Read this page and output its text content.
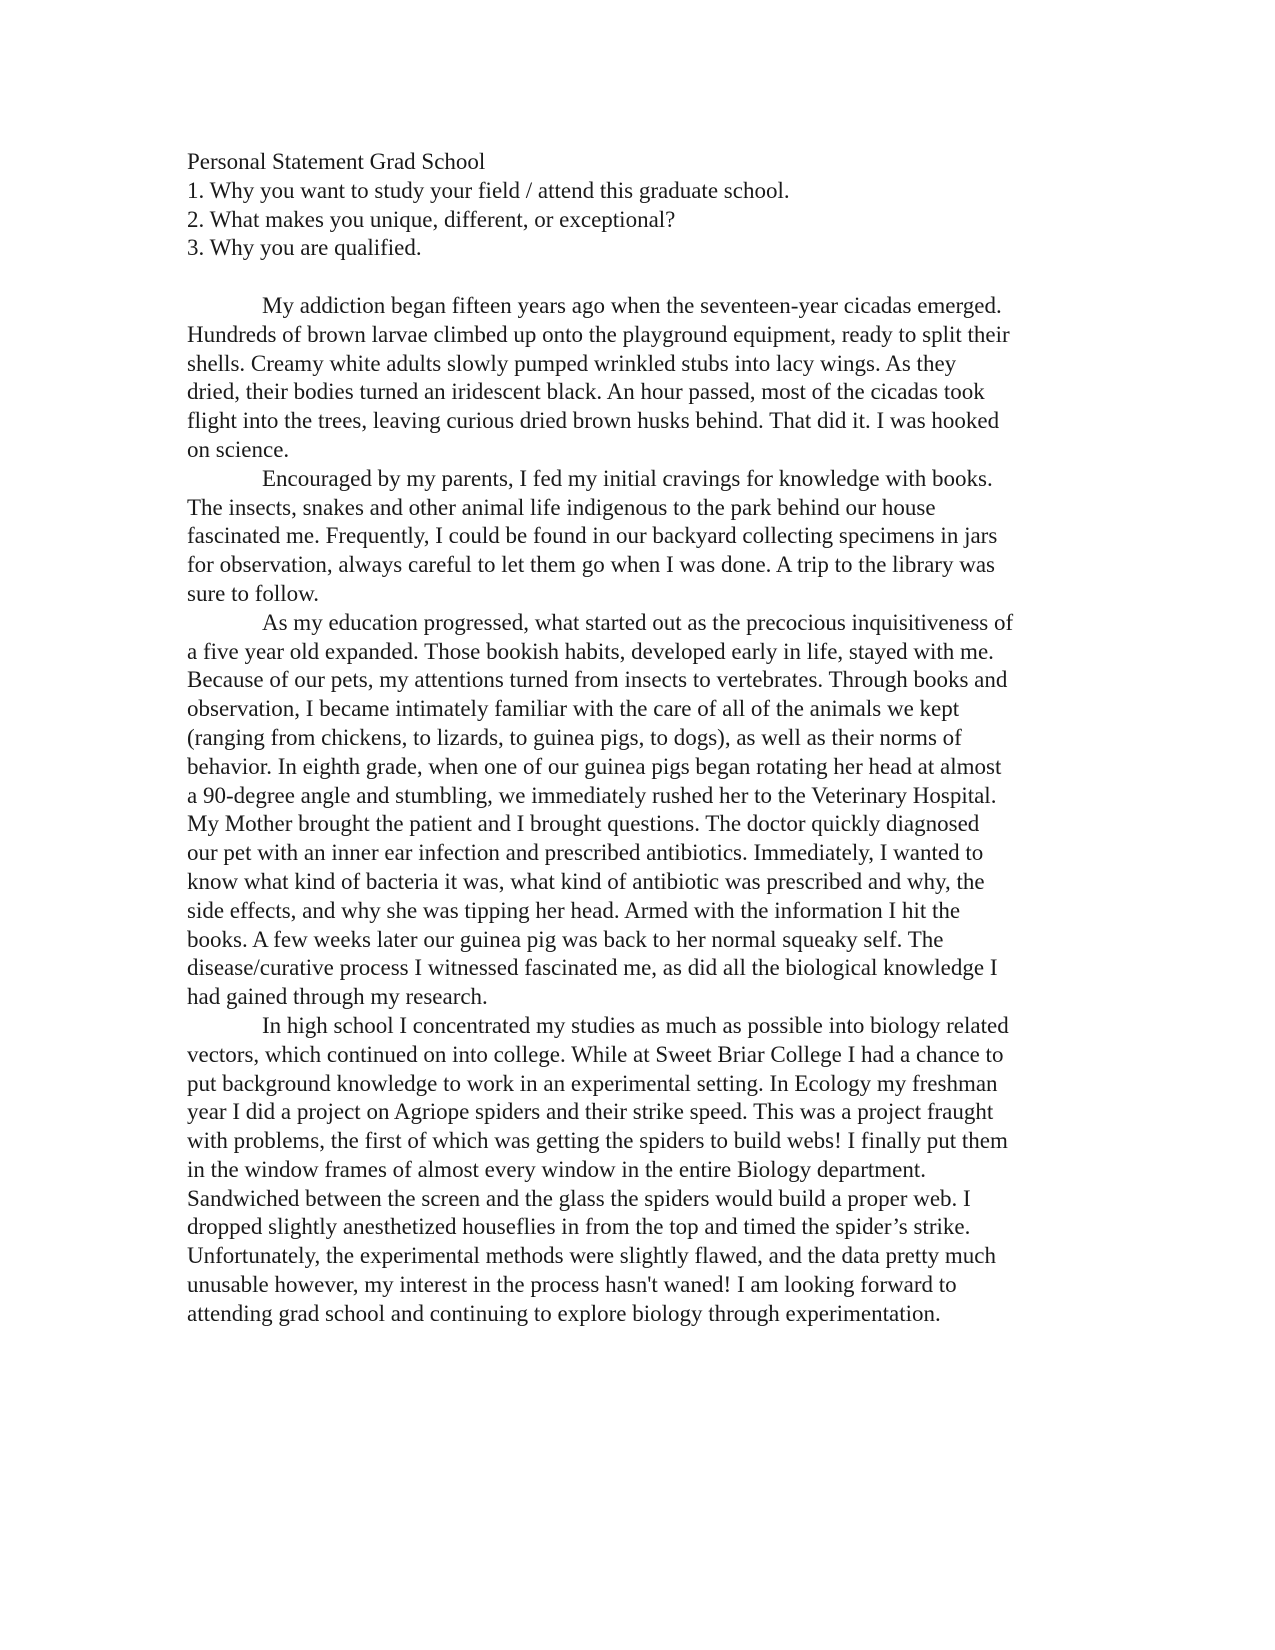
Personal Statement Grad School
1. Why you want to study your field / attend this graduate school.
2. What makes you unique, different, or exceptional?
3. Why you are qualified.
My addiction began fifteen years ago when the seventeen-year cicadas emerged.
Hundreds of brown larvae climbed up onto the playground equipment, ready to split their
shells. Creamy white adults slowly pumped wrinkled stubs into lacy wings. As they
dried, their bodies turned an iridescent black. An hour passed, most of the cicadas took
flight into the trees, leaving curious dried brown husks behind. That did it. I was hooked
on science.
Encouraged by my parents, I fed my initial cravings for knowledge with books.
The insects, snakes and other animal life indigenous to the park behind our house
fascinated me. Frequently, I could be found in our backyard collecting specimens in jars
for observation, always careful to let them go when I was done. A trip to the library was
sure to follow.
As my education progressed, what started out as the precocious inquisitiveness of
a five year old expanded. Those bookish habits, developed early in life, stayed with me.
Because of our pets, my attentions turned from insects to vertebrates. Through books and
observation, I became intimately familiar with the care of all of the animals we kept
(ranging from chickens, to lizards, to guinea pigs, to dogs), as well as their norms of
behavior. In eighth grade, when one of our guinea pigs began rotating her head at almost
a 90-degree angle and stumbling, we immediately rushed her to the Veterinary Hospital.
My Mother brought the patient and I brought questions. The doctor quickly diagnosed
our pet with an inner ear infection and prescribed antibiotics. Immediately, I wanted to
know what kind of bacteria it was, what kind of antibiotic was prescribed and why, the
side effects, and why she was tipping her head. Armed with the information I hit the
books. A few weeks later our guinea pig was back to her normal squeaky self. The
disease/curative process I witnessed fascinated me, as did all the biological knowledge I
had gained through my research.
In high school I concentrated my studies as much as possible into biology related
vectors, which continued on into college. While at Sweet Briar College I had a chance to
put background knowledge to work in an experimental setting. In Ecology my freshman
year I did a project on Agriope spiders and their strike speed. This was a project fraught
with problems, the first of which was getting the spiders to build webs! I finally put them
in the window frames of almost every window in the entire Biology department.
Sandwiched between the screen and the glass the spiders would build a proper web. I
dropped slightly anesthetized houseflies in from the top and timed the spider’s strike.
Unfortunately, the experimental methods were slightly flawed, and the data pretty much
unusable however, my interest in the process hasn't waned! I am looking forward to
attending grad school and continuing to explore biology through experimentation.
